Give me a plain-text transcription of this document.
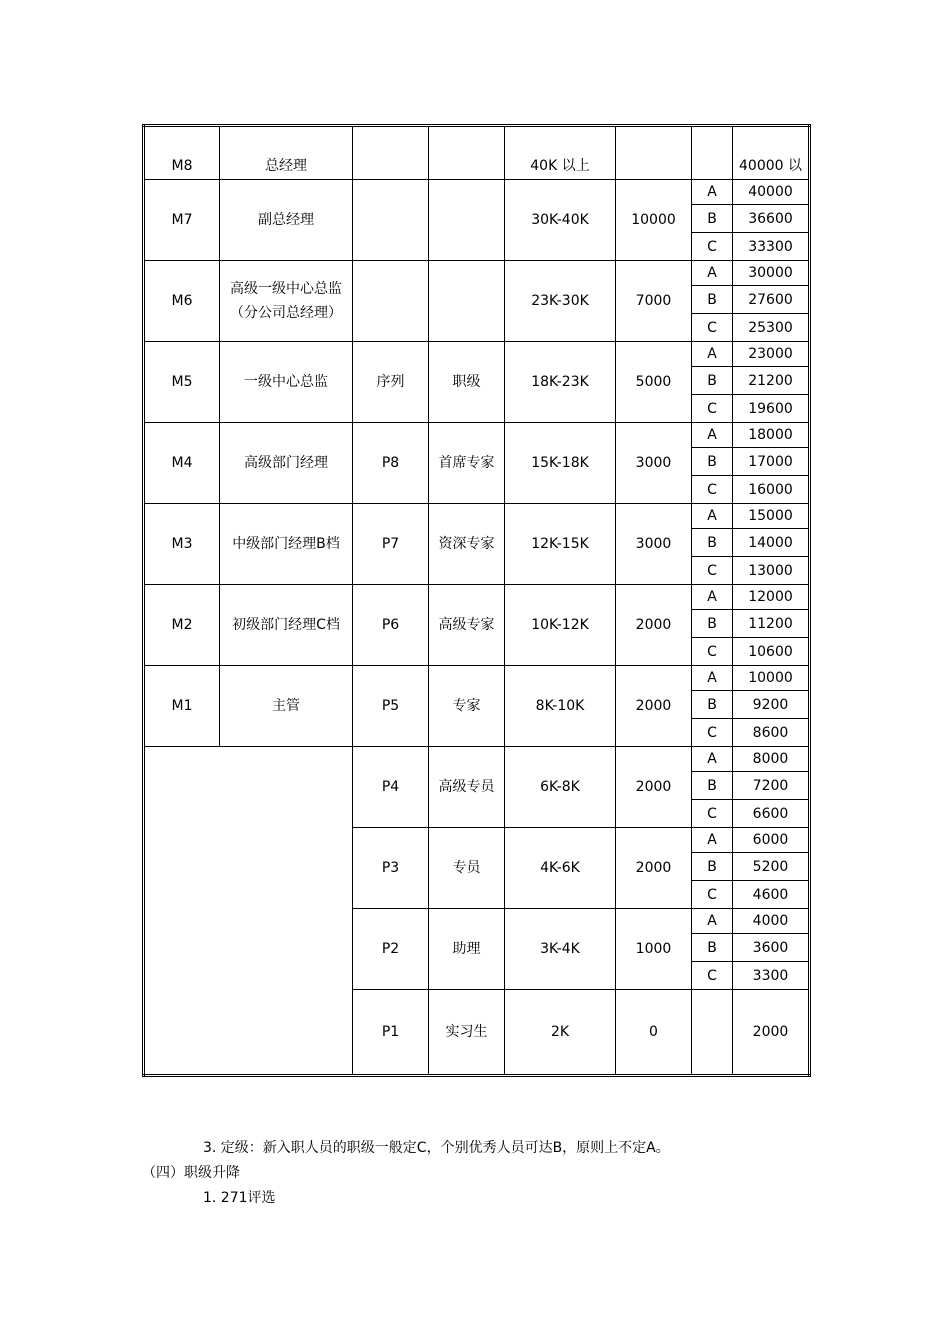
M8	总经理			40K 以上			40000 以
M7	副总经理			30K-40K	10000	A	40000
						B	36600
						C	33300
M6	高级一级中心总监（分公司总经理）			23K-30K	7000	A	30000
						B	27600
						C	25300
M5	一级中心总监	序列	职级	18K-23K	5000	A	23000
						B	21200
						C	19600
M4	高级部门经理	P8	首席专家	15K-18K	3000	A	18000
						B	17000
						C	16000
M3	中级部门经理B档	P7	资深专家	12K-15K	3000	A	15000
						B	14000
						C	13000
M2	初级部门经理C档	P6	高级专家	10K-12K	2000	A	12000
						B	11200
						C	10600
M1	主管	P5	专家	8K-10K	2000	A	10000
						B	9200
						C	8600
		P4	高级专员	6K-8K	2000	A	8000
						B	7200
						C	6600
		P3	专员	4K-6K	2000	A	6000
						B	5200
						C	4600
		P2	助理	3K-4K	1000	A	4000
						B	3600
						C	3300
		P1	实习生	2K	0		2000
3. 定级：新入职人员的职级一般定C，个别优秀人员可达B，原则上不定A。
（四）职级升降
1. 271评选
